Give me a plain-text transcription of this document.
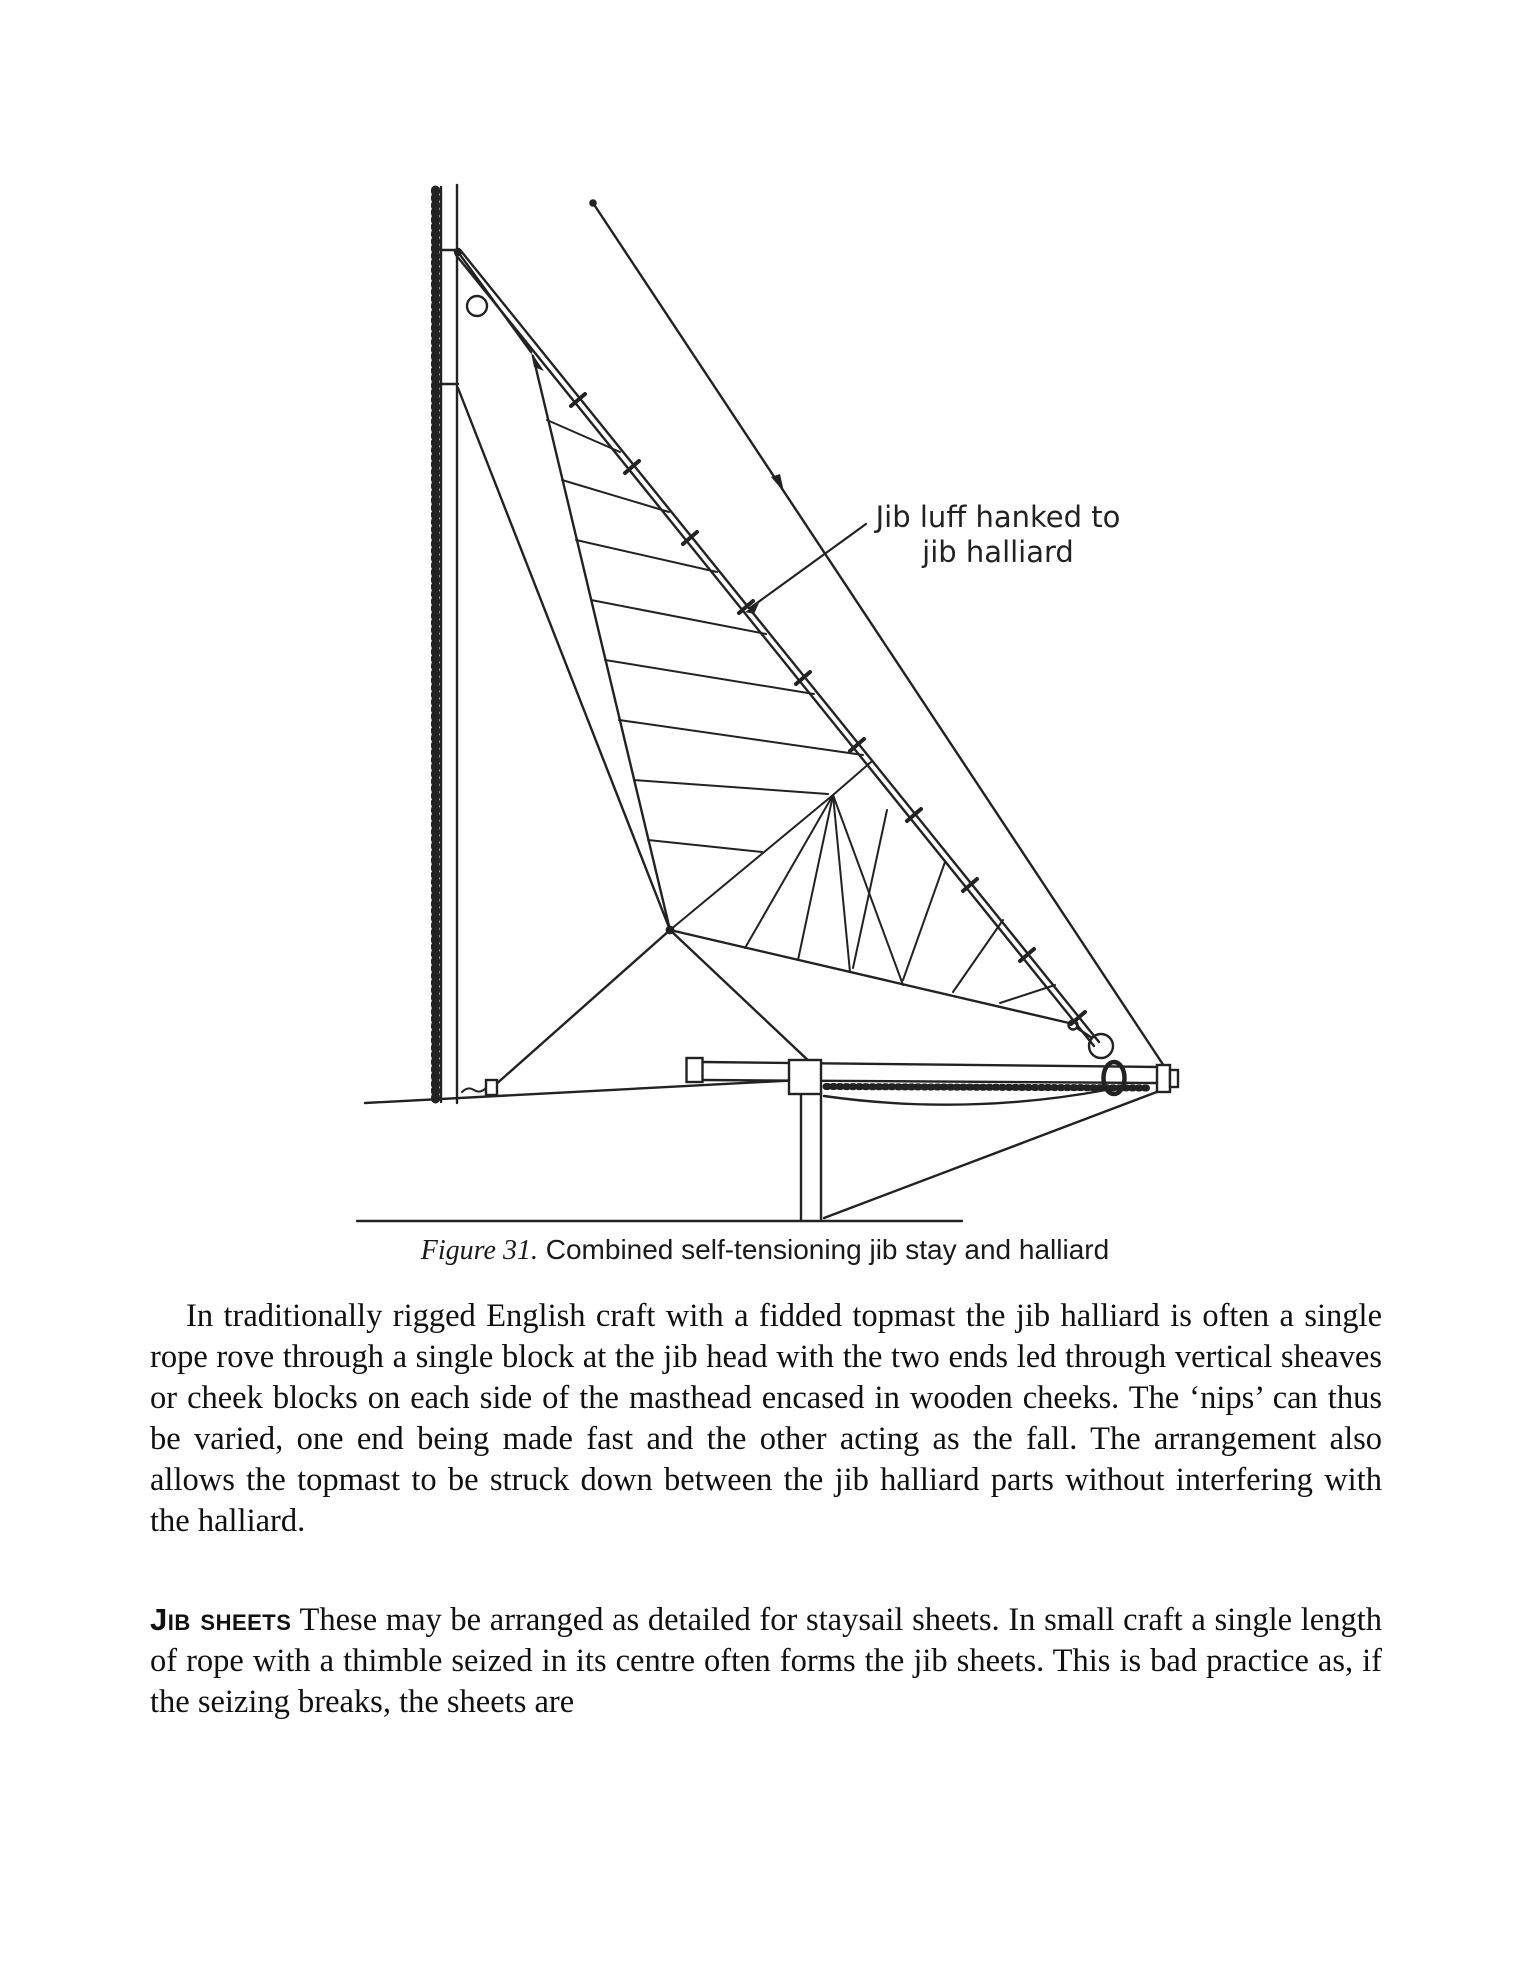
Jib luff hanked to
jib halliard
Figure 31. Combined self-tensioning jib stay and halliard

In traditionally rigged English craft with a fidded topmast the jib halliard is often a single rope rove through a single block at the jib head with the two ends led through vertical sheaves or cheek blocks on each side of the masthead encased in wooden cheeks. The ‘nips’ can thus be varied, one end being made fast and the other acting as the fall. The arrangement also allows the topmast to be struck down between the jib halliard parts without interfering with the halliard.

Jib sheets These may be arranged as detailed for staysail sheets. In small craft a single length of rope with a thimble seized in its centre often forms the jib sheets. This is bad practice as, if the seizing breaks, the sheets are
